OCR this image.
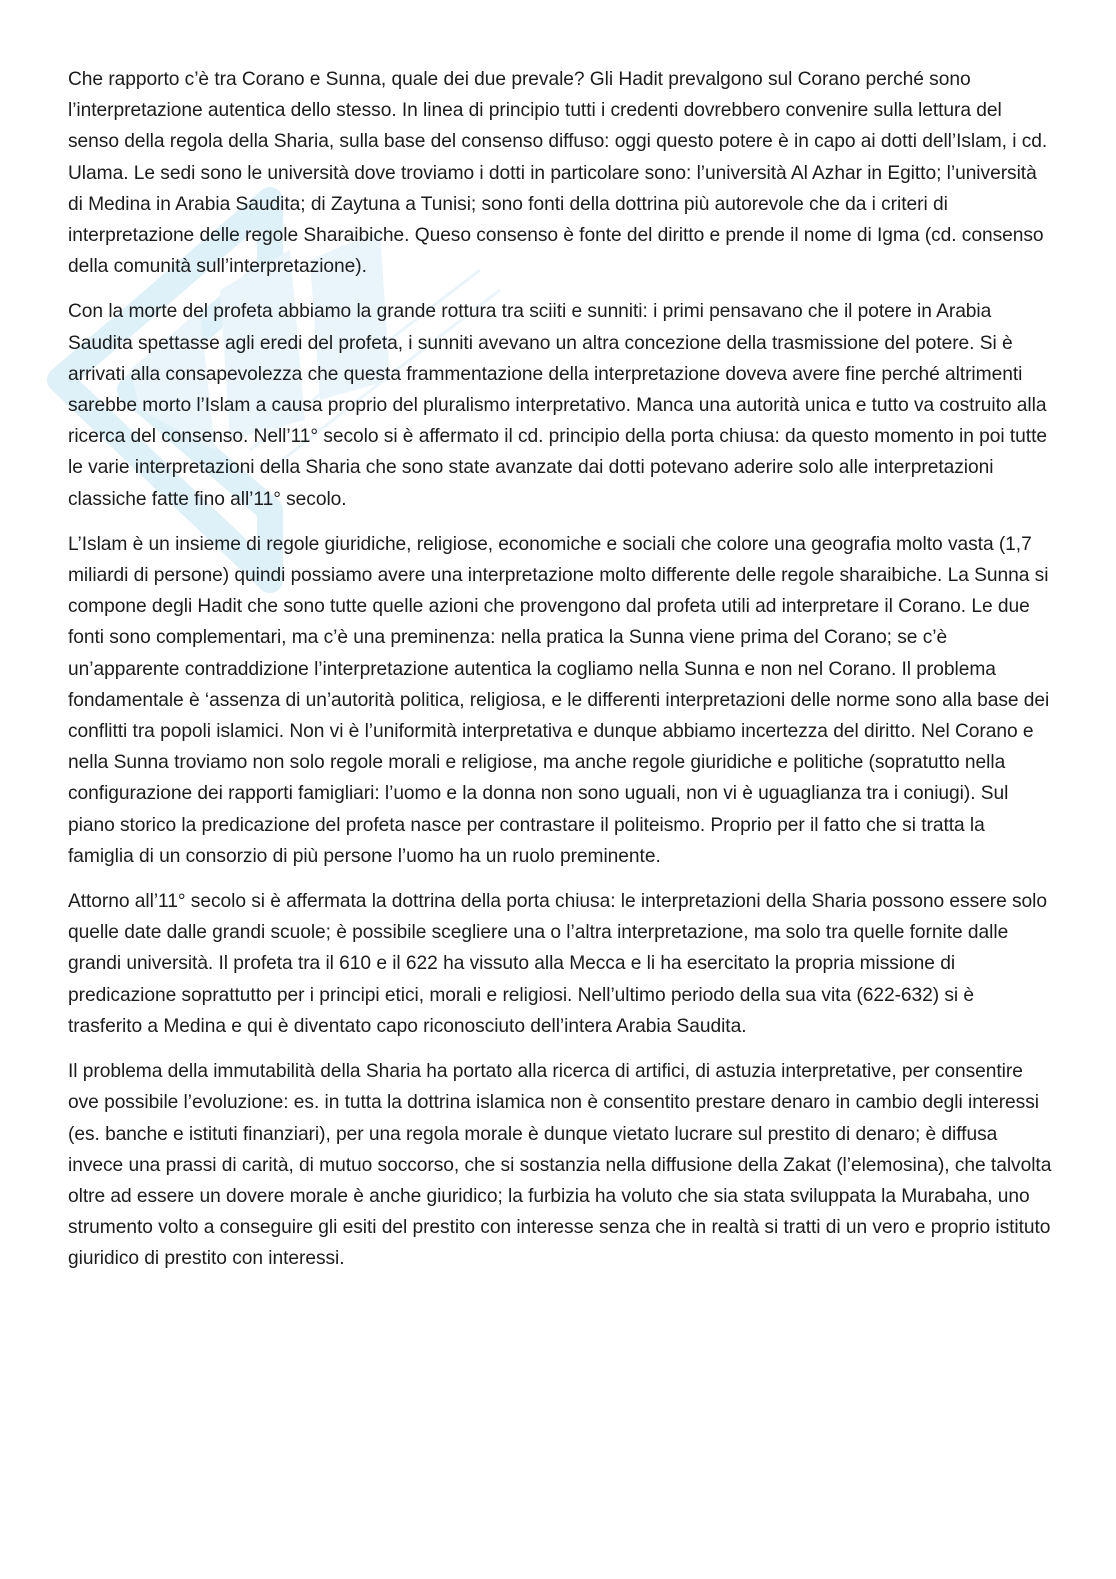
Che rapporto c’è tra Corano e Sunna, quale dei due prevale? Gli Hadit prevalgono sul Corano perché sono l’interpretazione autentica dello stesso. In linea di principio tutti i credenti dovrebbero convenire sulla lettura del senso della regola della Sharia, sulla base del consenso diffuso: oggi questo potere è in capo ai dotti dell’Islam, i cd. Ulama. Le sedi sono le università dove troviamo i dotti in particolare sono: l’università Al Azhar in Egitto; l’università di Medina in Arabia Saudita; di Zaytuna a Tunisi; sono fonti della dottrina più autorevole che da i criteri di interpretazione delle regole Sharaibiche. Queso consenso è fonte del diritto e prende il nome di Igma (cd. consenso della comunità sull’interpretazione).

Con la morte del profeta abbiamo la grande rottura tra sciiti e sunniti: i primi pensavano che il potere in Arabia Saudita spettasse agli eredi del profeta, i sunniti avevano un altra concezione della trasmissione del potere. Si è arrivati alla consapevolezza che questa frammentazione della interpretazione doveva avere fine perché altrimenti sarebbe morto l’Islam a causa proprio del pluralismo interpretativo. Manca una autorità unica e tutto va costruito alla ricerca del consenso. Nell’11° secolo si è affermato il cd. principio della porta chiusa: da questo momento in poi tutte le varie interpretazioni della Sharia che sono state avanzate dai dotti potevano aderire solo alle interpretazioni classiche fatte fino all’11° secolo.

L’Islam è un insieme di regole giuridiche, religiose, economiche e sociali che colore una geografia molto vasta (1,7 miliardi di persone) quindi possiamo avere una interpretazione molto differente delle regole sharaibiche. La Sunna si compone degli Hadit che sono tutte quelle azioni che provengono dal profeta utili ad interpretare il Corano. Le due fonti sono complementari, ma c’è una preminenza: nella pratica la Sunna viene prima del Corano; se c’è un’apparente contraddizione l’interpretazione autentica la cogliamo nella Sunna e non nel Corano. Il problema fondamentale è ‘assenza di un’autorità politica, religiosa, e le differenti interpretazioni delle norme sono alla base dei conflitti tra popoli islamici. Non vi è l’uniformità interpretativa e dunque abbiamo incertezza del diritto. Nel Corano e nella Sunna troviamo non solo regole morali e religiose, ma anche regole giuridiche e politiche (sopratutto nella configurazione dei rapporti famigliari: l’uomo e la donna non sono uguali, non vi è uguaglianza tra i coniugi). Sul piano storico la predicazione del profeta nasce per contrastare il politeismo. Proprio per il fatto che si tratta la famiglia di un consorzio di più persone l’uomo ha un ruolo preminente.

Attorno all’11° secolo si è affermata la dottrina della porta chiusa: le interpretazioni della Sharia possono essere solo quelle date dalle grandi scuole; è possibile scegliere una o l’altra interpretazione, ma solo tra quelle fornite dalle grandi università. Il profeta tra il 610 e il 622 ha vissuto alla Mecca e li ha esercitato la propria missione di predicazione soprattutto per i principi etici, morali e religiosi. Nell’ultimo periodo della sua vita (622-632) si è trasferito a Medina e qui è diventato capo riconosciuto dell’intera Arabia Saudita.

Il problema della immutabilità della Sharia ha portato alla ricerca di artifici, di astuzia interpretative, per consentire ove possibile l’evoluzione: es. in tutta la dottrina islamica non è consentito prestare denaro in cambio degli interessi (es. banche e istituti finanziari), per una regola morale è dunque vietato lucrare sul prestito di denaro; è diffusa invece una prassi di carità, di mutuo soccorso, che si sostanzia nella diffusione della Zakat (l’elemosina), che talvolta oltre ad essere un dovere morale è anche giuridico; la furbizia ha voluto che sia stata sviluppata la Murabaha, uno strumento volto a conseguire gli esiti del prestito con interesse senza che in realtà si tratti di un vero e proprio istituto giuridico di prestito con interessi.
